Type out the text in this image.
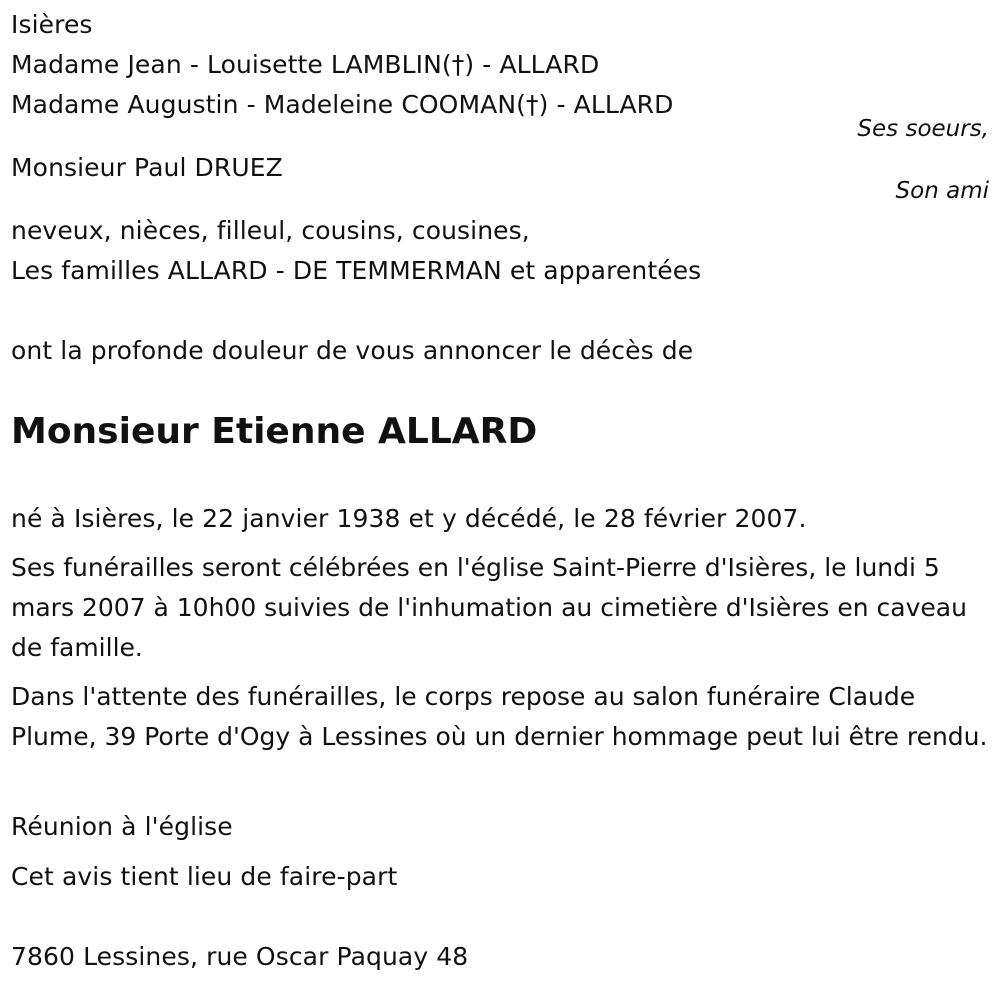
Isières
Madame Jean - Louisette LAMBLIN(†) - ALLARD
Madame Augustin - Madeleine COOMAN(†) - ALLARD
Ses soeurs,
Monsieur Paul DRUEZ
Son ami
neveux, nièces, filleul, cousins, cousines,
Les familles ALLARD - DE TEMMERMAN et apparentées
ont la profonde douleur de vous annoncer le décès de
Monsieur Etienne ALLARD
né à Isières, le 22 janvier 1938 et y décédé, le 28 février 2007.
Ses funérailles seront célébrées en l'église Saint-Pierre d'Isières, le lundi 5 mars 2007 à 10h00 suivies de l'inhumation au cimetière d'Isières en caveau de famille.
Dans l'attente des funérailles, le corps repose au salon funéraire Claude Plume, 39 Porte d'Ogy à Lessines où un dernier hommage peut lui être rendu.
Réunion à l'église
Cet avis tient lieu de faire-part
7860 Lessines, rue Oscar Paquay 48
